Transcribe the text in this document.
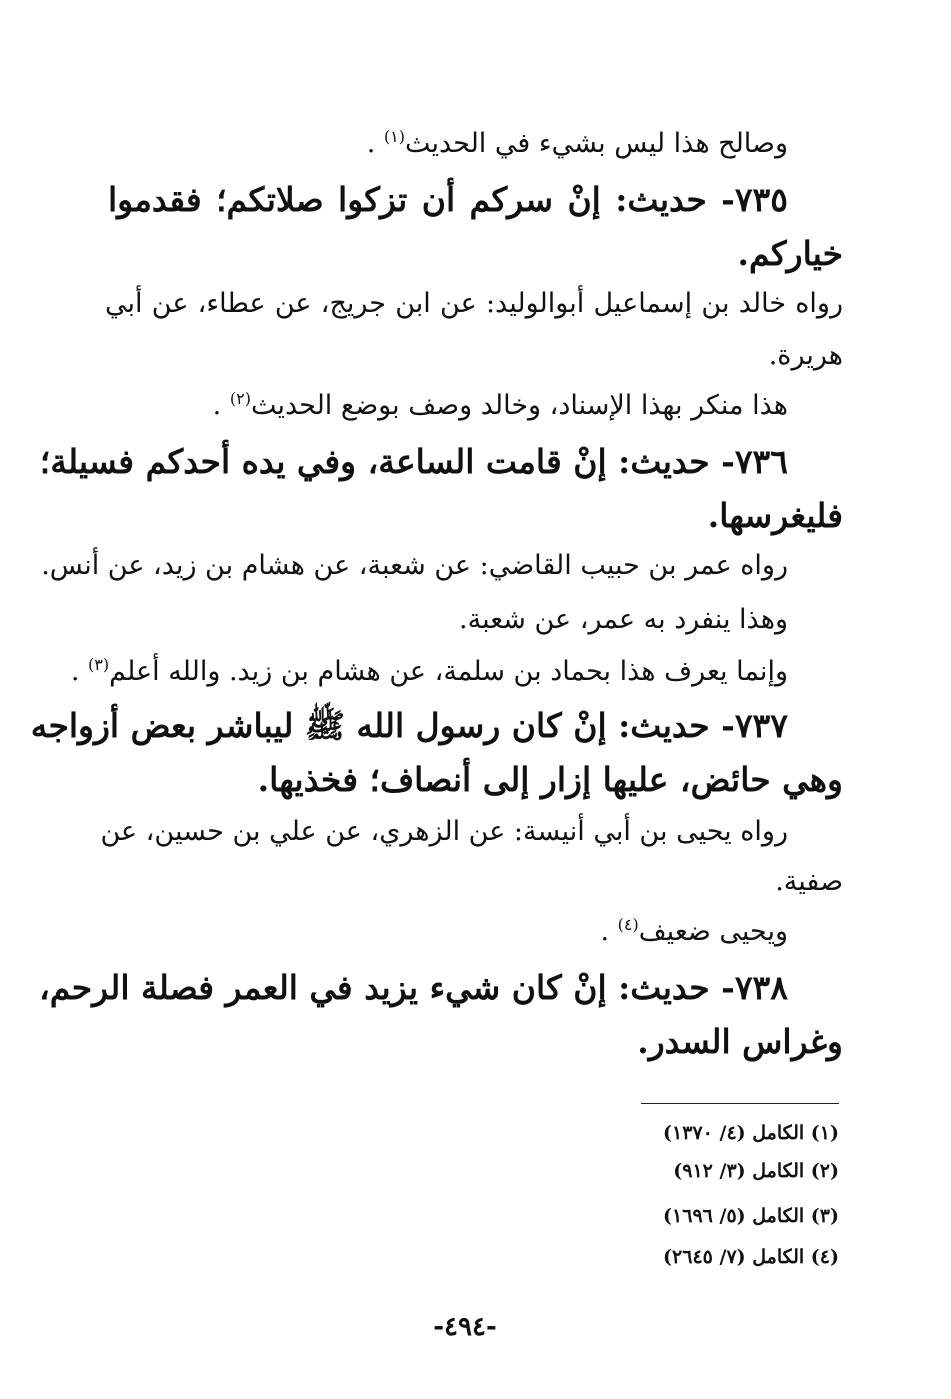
وصالح هذا ليس بشيء في الحديث$^{(١)}$ .
٧٣٥- حديث: إنْ سركم أن تزكوا صلاتكم؛ فقدموا
خياركم.
رواه خالد بن إسماعيل أبوالوليد: عن ابن جريج، عن عطاء، عن أبي
هريرة.
هذا منكر بهذا الإسناد، وخالد وصف بوضع الحديث$^{(٢)}$ .
٧٣٦- حديث: إنْ قامت الساعة، وفي يده أحدكم فسيلة؛
فليغرسها.
رواه عمر بن حبيب القاضي: عن شعبة، عن هشام بن زيد، عن أنس.
وهذا ينفرد به عمر، عن شعبة.
وإنما يعرف هذا بحماد بن سلمة، عن هشام بن زيد. والله أعلم$^{(٣)}$ .
٧٣٧- حديث: إنْ كان رسول الله ﷺ ليباشر بعض أزواجه
وهي حائض، عليها إزار إلى أنصاف؛ فخذيها.
رواه يحيى بن أبي أنيسة: عن الزهري، عن علي بن حسين، عن
صفية.
ويحيى ضعيف$^{(٤)}$ .
٧٣٨- حديث: إنْ كان شيء يزيد في العمر فصلة الرحم،
وغراس السدر.
(١) الكامل (٤/ ١٣٧٠)
(٢) الكامل (٣/ ٩١٢)
(٣) الكامل (٥/ ١٦٩٦)
(٤) الكامل (٧/ ٢٦٤٥)
-٤٩٤-
